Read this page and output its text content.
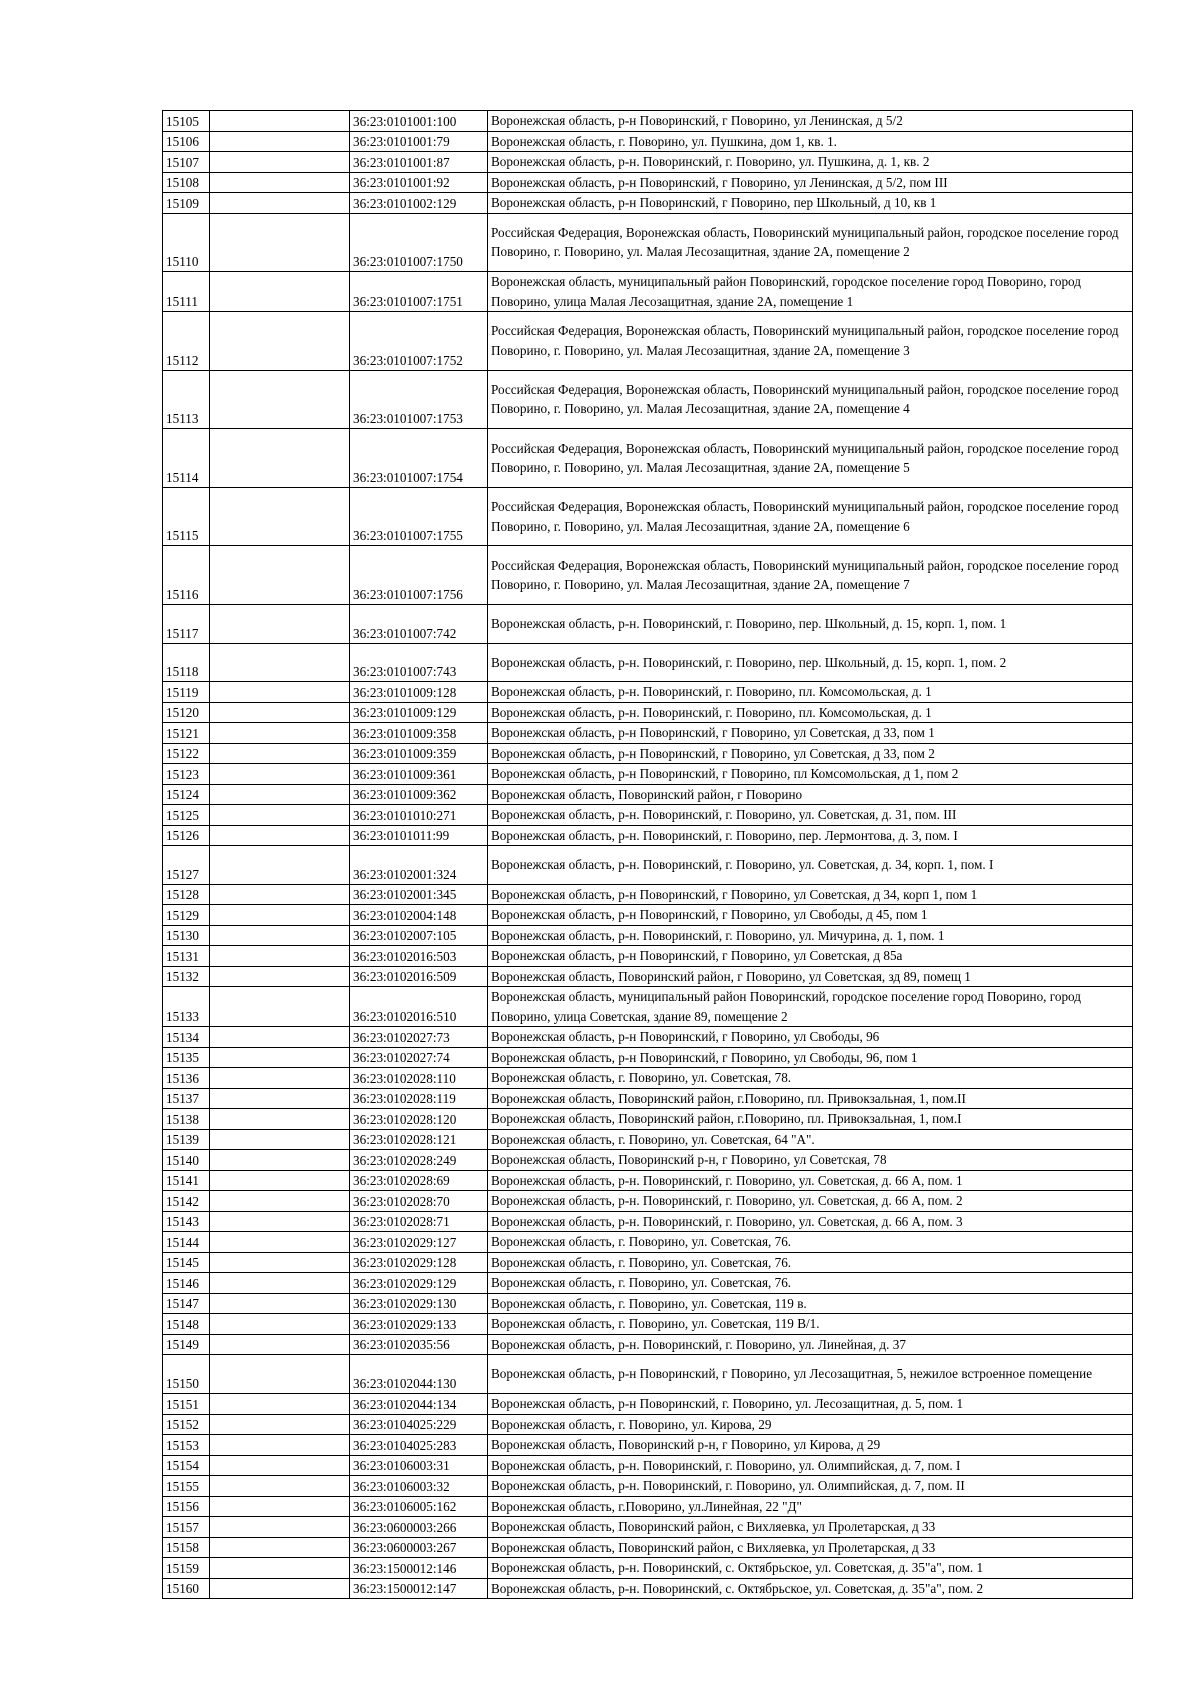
15105		36:23:0101001:100	Воронежская область, р-н Поворинский, г Поворино, ул Ленинская, д 5/2
15106		36:23:0101001:79	Воронежская область, г. Поворино, ул. Пушкина, дом 1, кв. 1.
15107		36:23:0101001:87	Воронежская область, р-н. Поворинский, г. Поворино, ул. Пушкина, д. 1, кв. 2
15108		36:23:0101001:92	Воронежская область, р-н Поворинский, г Поворино, ул Ленинская, д 5/2, пом III
15109		36:23:0101002:129	Воронежская область, р-н Поворинский, г Поворино, пер Школьный, д 10, кв 1
15110		36:23:0101007:1750	Российская Федерация, Воронежская область, Поворинский муниципальный район, городское поселение город Поворино, г. Поворино, ул. Малая Лесозащитная, здание 2А, помещение 2
15111		36:23:0101007:1751	Воронежская область, муниципальный район Поворинский, городское поселение город Поворино, город Поворино, улица Малая Лесозащитная, здание 2А, помещение 1
15112		36:23:0101007:1752	Российская Федерация, Воронежская область, Поворинский муниципальный район, городское поселение город Поворино, г. Поворино, ул. Малая Лесозащитная, здание 2А, помещение 3
15113		36:23:0101007:1753	Российская Федерация, Воронежская область, Поворинский муниципальный район, городское поселение город Поворино, г. Поворино, ул. Малая Лесозащитная, здание 2А, помещение 4
15114		36:23:0101007:1754	Российская Федерация, Воронежская область, Поворинский муниципальный район, городское поселение город Поворино, г. Поворино, ул. Малая Лесозащитная, здание 2А, помещение 5
15115		36:23:0101007:1755	Российская Федерация, Воронежская область, Поворинский муниципальный район, городское поселение город Поворино, г. Поворино, ул. Малая Лесозащитная, здание 2А, помещение 6
15116		36:23:0101007:1756	Российская Федерация, Воронежская область, Поворинский муниципальный район, городское поселение город Поворино, г. Поворино, ул. Малая Лесозащитная, здание 2А, помещение 7
15117		36:23:0101007:742	Воронежская область, р-н. Поворинский, г. Поворино, пер. Школьный, д. 15, корп. 1, пом. 1
15118		36:23:0101007:743	Воронежская область, р-н. Поворинский, г. Поворино, пер. Школьный, д. 15, корп. 1, пом. 2
15119		36:23:0101009:128	Воронежская область, р-н. Поворинский, г. Поворино, пл. Комсомольская, д. 1
15120		36:23:0101009:129	Воронежская область, р-н. Поворинский, г. Поворино, пл. Комсомольская, д. 1
15121		36:23:0101009:358	Воронежская область, р-н Поворинский, г Поворино, ул Советская, д 33, пом 1
15122		36:23:0101009:359	Воронежская область, р-н Поворинский, г Поворино, ул Советская, д 33, пом 2
15123		36:23:0101009:361	Воронежская область, р-н Поворинский, г Поворино, пл Комсомольская, д 1, пом 2
15124		36:23:0101009:362	Воронежская область, Поворинский район, г Поворино
15125		36:23:0101010:271	Воронежская область, р-н. Поворинский, г. Поворино, ул. Советская, д. 31, пом. III
15126		36:23:0101011:99	Воронежская область, р-н. Поворинский, г. Поворино, пер. Лермонтова, д. 3, пом. I
15127		36:23:0102001:324	Воронежская область, р-н. Поворинский, г. Поворино, ул. Советская, д. 34, корп. 1, пом. I
15128		36:23:0102001:345	Воронежская область, р-н Поворинский, г Поворино, ул Советская, д 34, корп 1, пом 1
15129		36:23:0102004:148	Воронежская область, р-н Поворинский, г Поворино, ул Свободы, д 45, пом 1
15130		36:23:0102007:105	Воронежская область, р-н. Поворинский, г. Поворино, ул. Мичурина, д. 1, пом. 1
15131		36:23:0102016:503	Воронежская область, р-н Поворинский, г Поворино, ул Советская, д 85а
15132		36:23:0102016:509	Воронежская область, Поворинский район, г Поворино, ул Советская, зд 89, помещ 1
15133		36:23:0102016:510	Воронежская область, муниципальный район Поворинский, городское поселение город Поворино, город Поворино, улица Советская, здание 89, помещение 2
15134		36:23:0102027:73	Воронежская область, р-н Поворинский, г Поворино, ул Свободы, 96
15135		36:23:0102027:74	Воронежская область, р-н Поворинский, г Поворино, ул Свободы, 96, пом 1
15136		36:23:0102028:110	Воронежская область, г. Поворино, ул. Советская, 78.
15137		36:23:0102028:119	Воронежская область, Поворинский район, г.Поворино, пл. Привокзальная, 1, пом.II
15138		36:23:0102028:120	Воронежская область, Поворинский район, г.Поворино, пл. Привокзальная, 1, пом.I
15139		36:23:0102028:121	Воронежская область, г. Поворино, ул. Советская, 64 "А".
15140		36:23:0102028:249	Воронежская область, Поворинский р-н, г Поворино, ул Советская, 78
15141		36:23:0102028:69	Воронежская область, р-н. Поворинский, г. Поворино, ул. Советская, д. 66 А, пом. 1
15142		36:23:0102028:70	Воронежская область, р-н. Поворинский, г. Поворино, ул. Советская, д. 66 А, пом. 2
15143		36:23:0102028:71	Воронежская область, р-н. Поворинский, г. Поворино, ул. Советская, д. 66 А, пом. 3
15144		36:23:0102029:127	Воронежская область, г. Поворино, ул. Советская, 76.
15145		36:23:0102029:128	Воронежская область, г. Поворино, ул. Советская, 76.
15146		36:23:0102029:129	Воронежская область, г. Поворино, ул. Советская, 76.
15147		36:23:0102029:130	Воронежская область, г. Поворино, ул. Советская, 119 в.
15148		36:23:0102029:133	Воронежская область, г. Поворино, ул. Советская, 119 В/1.
15149		36:23:0102035:56	Воронежская область, р-н. Поворинский, г. Поворино, ул. Линейная, д. 37
15150		36:23:0102044:130	Воронежская область, р-н Поворинский, г Поворино, ул Лесозащитная, 5, нежилое встроенное помещение
15151		36:23:0102044:134	Воронежская область, р-н Поворинский, г. Поворино, ул. Лесозащитная, д. 5, пом. 1
15152		36:23:0104025:229	Воронежская область, г. Поворино, ул. Кирова, 29
15153		36:23:0104025:283	Воронежская область, Поворинский р-н, г Поворино, ул Кирова, д 29
15154		36:23:0106003:31	Воронежская область, р-н. Поворинский, г. Поворино, ул. Олимпийская, д. 7, пом. I
15155		36:23:0106003:32	Воронежская область, р-н. Поворинский, г. Поворино, ул. Олимпийская, д. 7, пом. II
15156		36:23:0106005:162	Воронежская область, г.Поворино, ул.Линейная, 22 "Д"
15157		36:23:0600003:266	Воронежская область, Поворинский район, с Вихляевка, ул Пролетарская, д 33
15158		36:23:0600003:267	Воронежская область, Поворинский район, с Вихляевка, ул Пролетарская, д 33
15159		36:23:1500012:146	Воронежская область, р-н. Поворинский, с. Октябрьское, ул. Советская, д. 35"а", пом. 1
15160		36:23:1500012:147	Воронежская область, р-н. Поворинский, с. Октябрьское, ул. Советская, д. 35"а", пом. 2
